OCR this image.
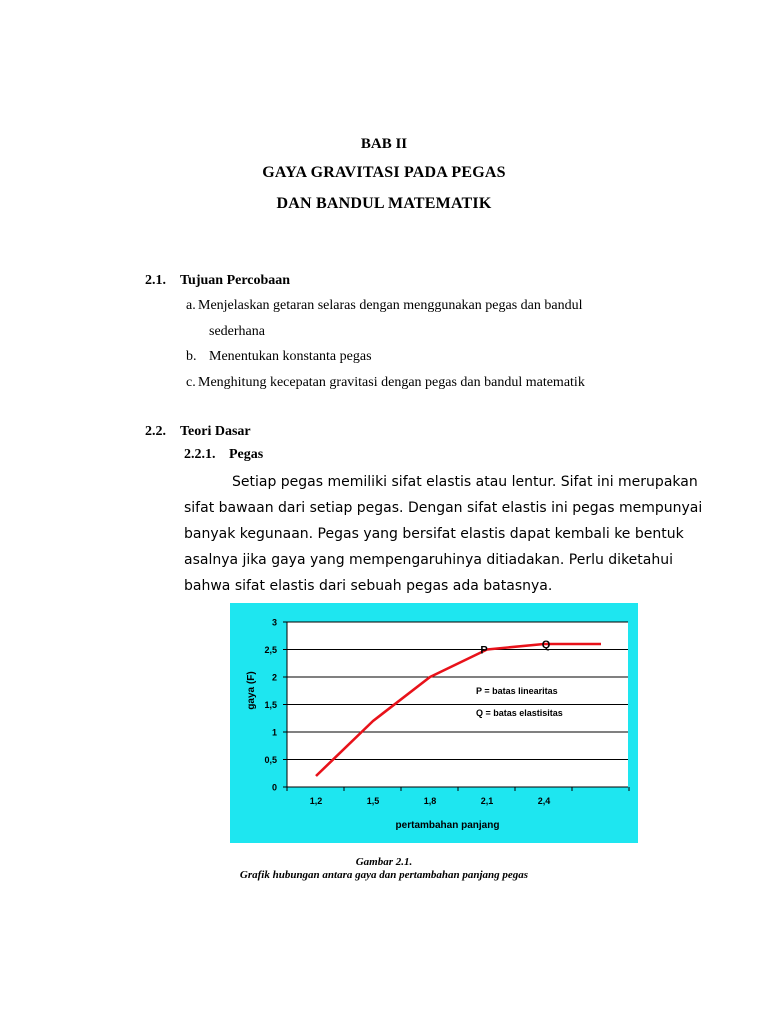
BAB II
GAYA GRAVITASI PADA PEGAS
DAN BANDUL MATEMATIK
2.1. Tujuan Percobaan
a. Menjelaskan getaran selaras dengan menggunakan pegas dan bandul
sederhana
b. Menentukan konstanta pegas
c. Menghitung kecepatan gravitasi dengan pegas dan bandul matematik
2.2. Teori Dasar
2.2.1. Pegas
Setiap pegas memiliki sifat elastis atau lentur. Sifat ini merupakan
sifat bawaan dari setiap pegas. Dengan sifat elastis ini pegas mempunyai
banyak kegunaan. Pegas yang bersifat elastis dapat kembali ke bentuk
asalnya jika gaya yang mempengaruhinya ditiadakan. Perlu diketahui
bahwa sifat elastis dari sebuah pegas ada batasnya.
0
0,5
1
1,5
2
2,5
3
1,2	1,5	1,8	2,1	2,4
P	Q
P = batas linearitas
Q = batas elastisitas
pertambahan panjang
gaya (F)
Gambar 2.1.
Grafik hubungan antara gaya dan pertambahan panjang pegas
